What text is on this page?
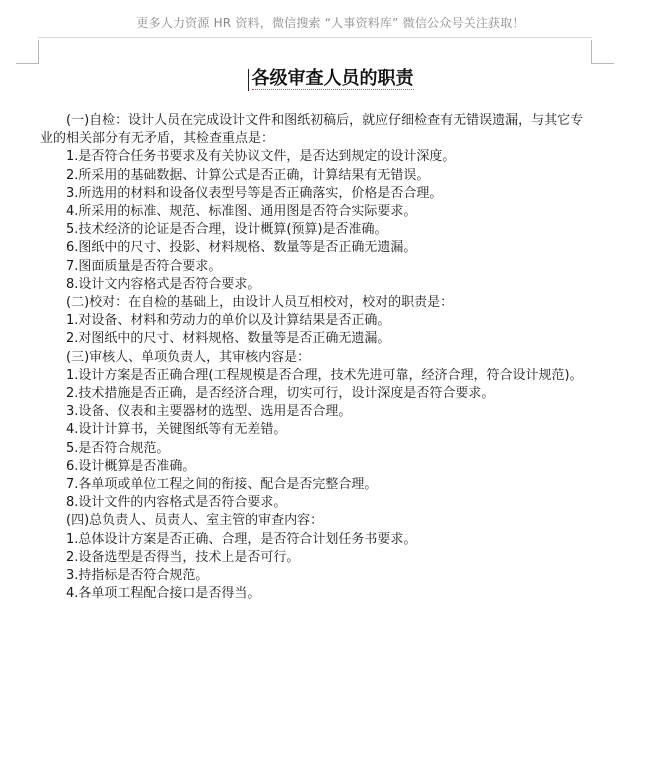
更多人力资源 HR 资料，微信搜索 “人事资料库” 微信公众号关注获取！
各级审查人员的职责

(一)自检：设计人员在完成设计文件和图纸初稿后，就应仔细检查有无错误遗漏，与其它专业的相关部分有无矛盾，其检查重点是：

1.是否符合任务书要求及有关协议文件，是否达到规定的设计深度。

2.所采用的基础数据、计算公式是否正确，计算结果有无错误。

3.所选用的材料和设备仪表型号等是否正确落实，价格是否合理。

4.所采用的标准、规范、标准图、通用图是否符合实际要求。

5.技术经济的论证是否合理，设计概算(预算)是否准确。

6.图纸中的尺寸、投影、材料规格、数量等是否正确无遗漏。

7.图面质量是否符合要求。

8.设计文内容格式是否符合要求。

(二)校对：在自检的基础上，由设计人员互相校对，校对的职责是：

1.对设备、材料和劳动力的单价以及计算结果是否正确。

2.对图纸中的尺寸、材料规格、数量等是否正确无遗漏。

(三)审核人、单项负责人，其审核内容是：

1.设计方案是否正确合理(工程规模是否合理，技术先进可靠，经济合理，符合设计规范)。

2.技术措施是否正确，是否经济合理，切实可行，设计深度是否符合要求。

3.设备、仪表和主要器材的选型、选用是否合理。

4.设计计算书，关键图纸等有无差错。

5.是否符合规范。

6.设计概算是否准确。

7.各单项或单位工程之间的衔接、配合是否完整合理。

8.设计文件的内容格式是否符合要求。

(四)总负责人、员责人、室主管的审查内容：

1.总体设计方案是否正确、合理，是否符合计划任务书要求。

2.设备选型是否得当，技术上是否可行。

3.持指标是否符合规范。

4.各单项工程配合接口是否得当。
